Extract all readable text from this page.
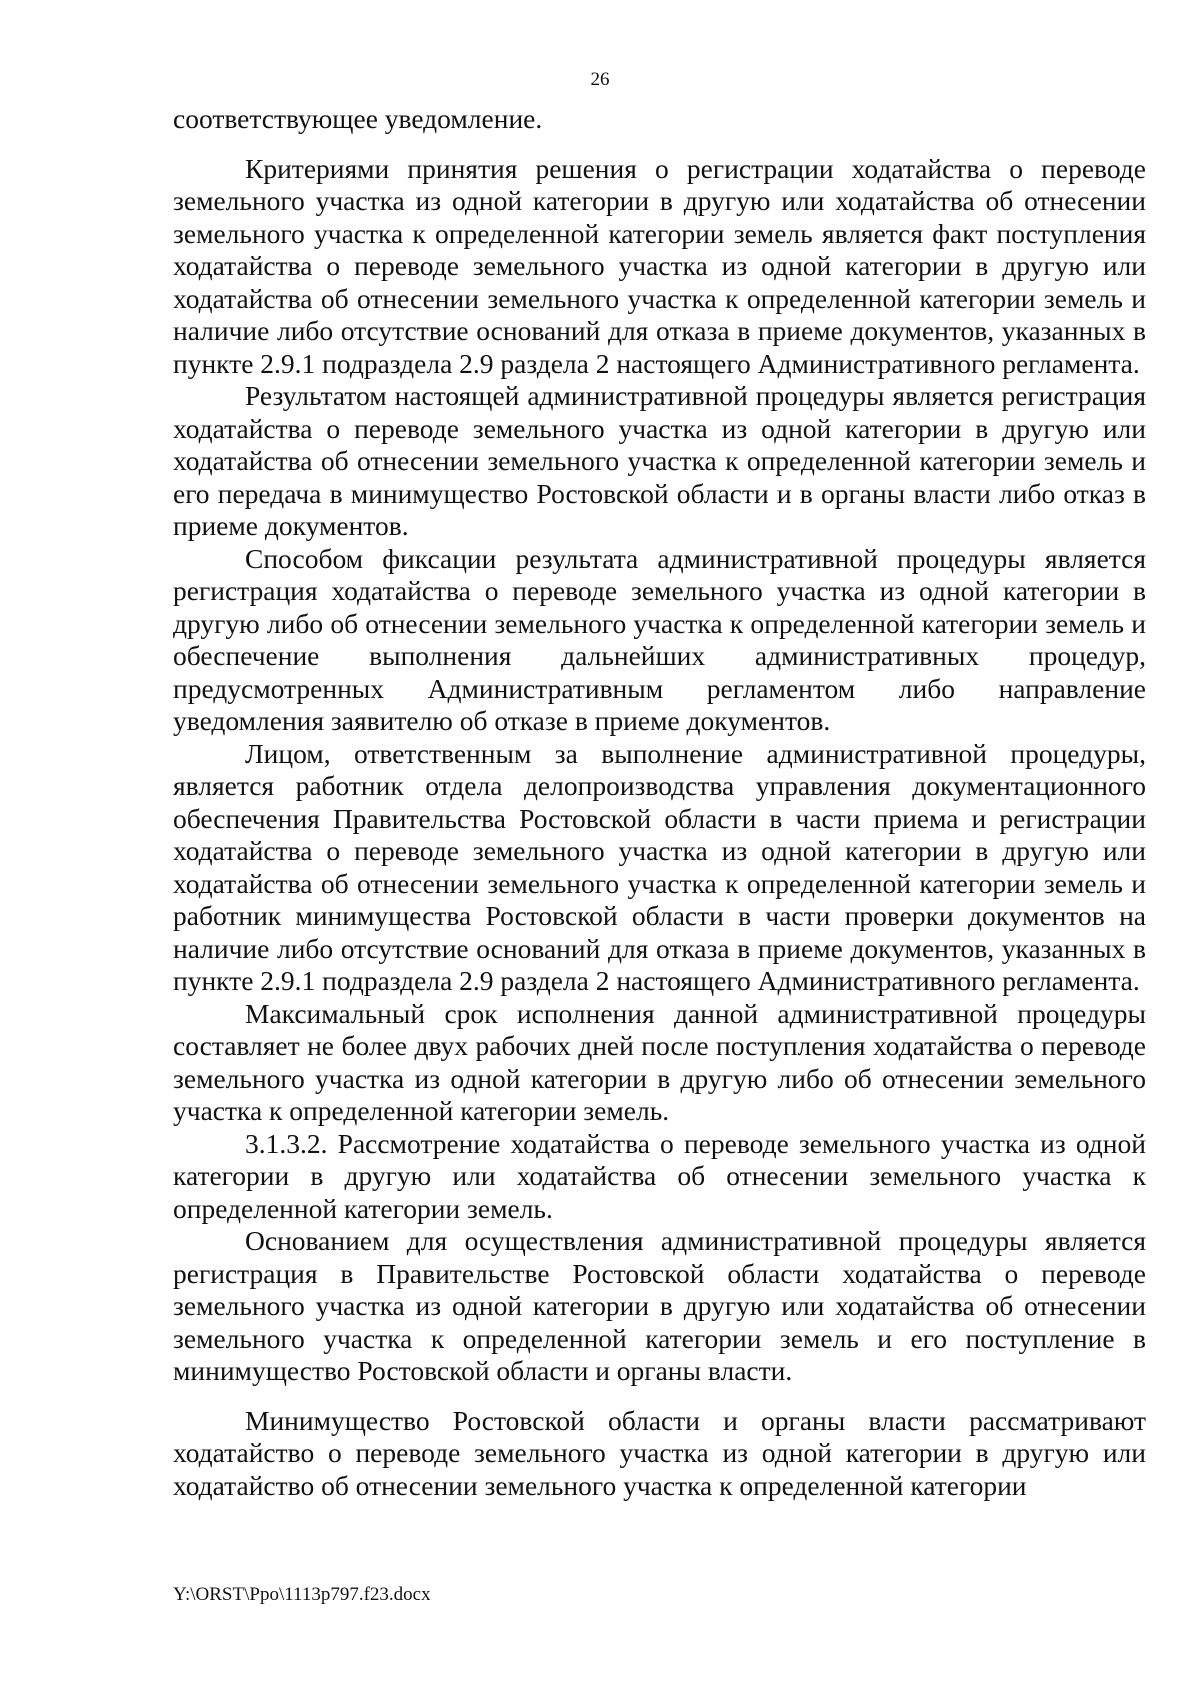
26

соответствующее уведомление.

Критериями принятия решения о регистрации ходатайства о переводе земельного участка из одной категории в другую или ходатайства об отнесении земельного участка к определенной категории земель является факт поступления ходатайства о переводе земельного участка из одной категории в другую или ходатайства об отнесении земельного участка к определенной категории земель и наличие либо отсутствие оснований для отказа в приеме документов, указанных в пункте 2.9.1 подраздела 2.9 раздела 2 настоящего Административного регламента.

Результатом настоящей административной процедуры является регистрация ходатайства о переводе земельного участка из одной категории в другую или ходатайства об отнесении земельного участка к определенной категории земель и его передача в минимущество Ростовской области и в органы власти либо отказ в приеме документов.

Способом фиксации результата административной процедуры является регистрация ходатайства о переводе земельного участка из одной категории в другую либо об отнесении земельного участка к определенной категории земель и обеспечение выполнения дальнейших административных процедур, предусмотренных Административным регламентом либо направление уведомления заявителю об отказе в приеме документов.

Лицом, ответственным за выполнение административной процедуры, является работник отдела делопроизводства управления документационного обеспечения Правительства Ростовской области в части приема и регистрации ходатайства о переводе земельного участка из одной категории в другую или ходатайства об отнесении земельного участка к определенной категории земель и работник минимущества Ростовской области в части проверки документов на наличие либо отсутствие оснований для отказа в приеме документов, указанных в пункте 2.9.1 подраздела 2.9 раздела 2 настоящего Административного регламента.

Максимальный срок исполнения данной административной процедуры составляет не более двух рабочих дней после поступления ходатайства о переводе земельного участка из одной категории в другую либо об отнесении земельного участка к определенной категории земель.

3.1.3.2. Рассмотрение ходатайства о переводе земельного участка из одной категории в другую или ходатайства об отнесении земельного участка к определенной категории земель.

Основанием для осуществления административной процедуры является регистрация в Правительстве Ростовской области ходатайства о переводе земельного участка из одной категории в другую или ходатайства об отнесении земельного участка к определенной категории земель и его поступление в минимущество Ростовской области и органы власти.

Минимущество Ростовской области и органы власти рассматривают ходатайство о переводе земельного участка из одной категории в другую или ходатайство об отнесении земельного участка к определенной категории

Y:\ORST\Ppo\1113p797.f23.docx
